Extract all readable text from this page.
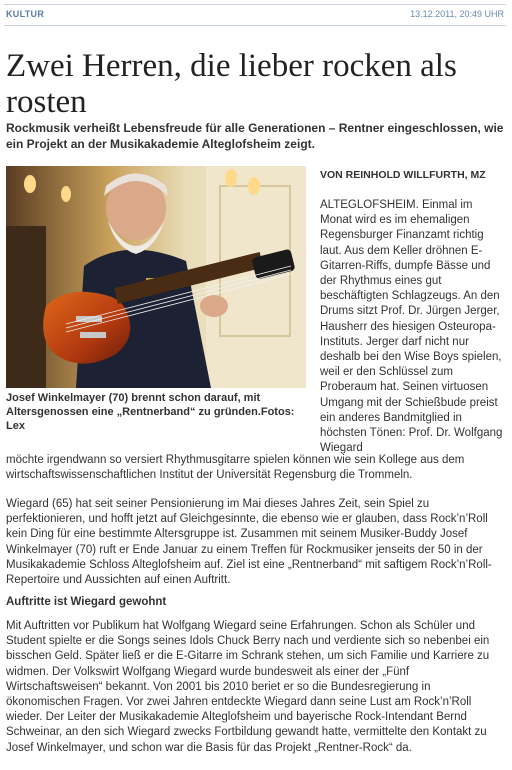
KULTUR	13.12.2011, 20:49 UHR
Zwei Herren, die lieber rocken als rosten

Rockmusik verheißt Lebensfreude für alle Generationen – Rentner eingeschlossen, wie ein Projekt an der Musikakademie Alteglofsheim zeigt.

Josef Winkelmayer (70) brennt schon darauf, mit Altersgenossen eine „Rentnerband“ zu gründen.Fotos: Lex

VON REINHOLD WILLFURTH, MZ

ALTEGLOFSHEIM. Einmal im Monat wird es im ehemaligen Regensburger Finanzamt richtig laut. Aus dem Keller dröhnen E-Gitarren-Riffs, dumpfe Bässe und der Rhythmus eines gut beschäftigten Schlagzeugs. An den Drums sitzt Prof. Dr. Jürgen Jerger, Hausherr des hiesigen Osteuropa-Instituts. Jerger darf nicht nur deshalb bei den Wise Boys spielen, weil er den Schlüssel zum Proberaum hat. Seinen virtuosen Umgang mit der Schießbude preist ein anderes Bandmitglied in höchsten Tönen: Prof. Dr. Wolfgang Wiegard

möchte irgendwann so versiert Rhythmusgitarre spielen können wie sein Kollege aus dem wirtschaftswissenschaftlichen Institut der Universität Regensburg die Trommeln.

Wiegard (65) hat seit seiner Pensionierung im Mai dieses Jahres Zeit, sein Spiel zu perfektionieren, und hofft jetzt auf Gleichgesinnte, die ebenso wie er glauben, dass Rock’n’Roll kein Ding für eine bestimmte Altersgruppe ist. Zusammen mit seinem Musiker-Buddy Josef Winkelmayer (70) ruft er Ende Januar zu einem Treffen für Rockmusiker jenseits der 50 in der Musikakademie Schloss Alteglofsheim auf. Ziel ist eine „Rentnerband“ mit saftigem Rock’n’Roll-Repertoire und Aussichten auf einen Auftritt.

Auftritte ist Wiegard gewohnt

Mit Auftritten vor Publikum hat Wolfgang Wiegard seine Erfahrungen. Schon als Schüler und Student spielte er die Songs seines Idols Chuck Berry nach und verdiente sich so nebenbei ein bisschen Geld. Später ließ er die E-Gitarre im Schrank stehen, um sich Familie und Karriere zu widmen. Der Volkswirt Wolfgang Wiegard wurde bundesweit als einer der „Fünf Wirtschaftsweisen“ bekannt. Von 2001 bis 2010 beriet er so die Bundesregierung in ökonomischen Fragen. Vor zwei Jahren entdeckte Wiegard dann seine Lust am Rock’n’Roll wieder. Der Leiter der Musikakademie Alteglofsheim und bayerische Rock-Intendant Bernd Schweinar, an den sich Wiegard zwecks Fortbildung gewandt hatte, vermittelte den Kontakt zu Josef Winkelmayer, und schon war die Basis für das Projekt „Rentner-Rock“ da.
